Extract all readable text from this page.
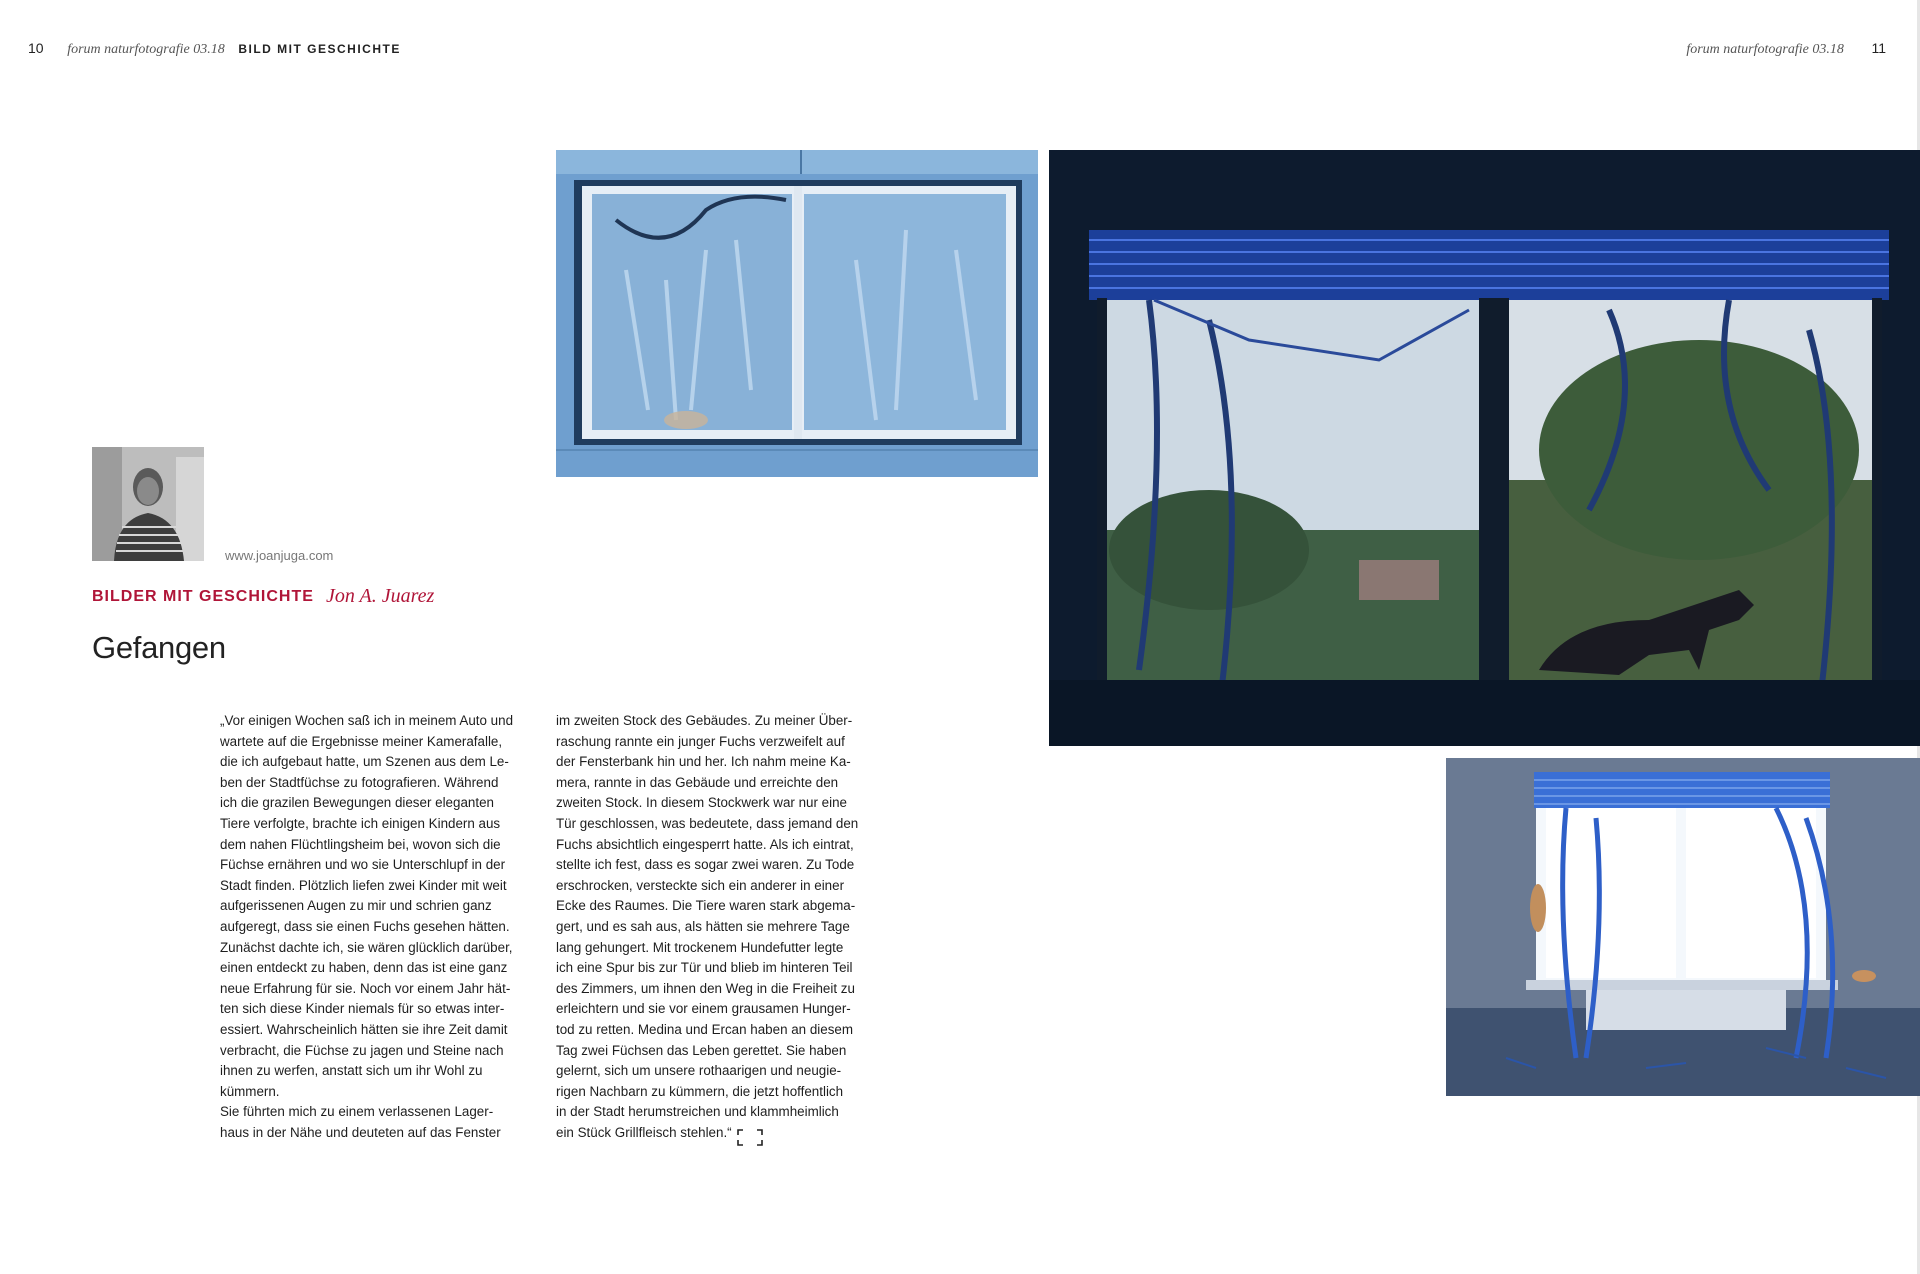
10 forum naturfotografie 03.18 BILD MIT GESCHICHTE	forum naturfotografie 03.18 11
www.joanjuga.com
BILDER MIT GESCHICHTE Jon A. Juarez
Gefangen
„Vor einigen Wochen saß ich in meinem Auto und
wartete auf die Ergebnisse meiner Kamerafalle,
die ich aufgebaut hatte, um Szenen aus dem Le-
ben der Stadtfüchse zu fotografieren. Während
ich die grazilen Bewegungen dieser eleganten
Tiere verfolgte, brachte ich einigen Kindern aus
dem nahen Flüchtlingsheim bei, wovon sich die
Füchse ernähren und wo sie Unterschlupf in der
Stadt finden. Plötzlich liefen zwei Kinder mit weit
aufgerissenen Augen zu mir und schrien ganz
aufgeregt, dass sie einen Fuchs gesehen hätten.
Zunächst dachte ich, sie wären glücklich darüber,
einen entdeckt zu haben, denn das ist eine ganz
neue Erfahrung für sie. Noch vor einem Jahr hät-
ten sich diese Kinder niemals für so etwas inter-
essiert. Wahrscheinlich hätten sie ihre Zeit damit
verbracht, die Füchse zu jagen und Steine nach
ihnen zu werfen, anstatt sich um ihr Wohl zu
kümmern.
Sie führten mich zu einem verlassenen Lager-
haus in der Nähe und deuteten auf das Fenster
im zweiten Stock des Gebäudes. Zu meiner Über-
raschung rannte ein junger Fuchs verzweifelt auf
der Fensterbank hin und her. Ich nahm meine Ka-
mera, rannte in das Gebäude und erreichte den
zweiten Stock. In diesem Stockwerk war nur eine
Tür geschlossen, was bedeutete, dass jemand den
Fuchs absichtlich eingesperrt hatte. Als ich eintrat,
stellte ich fest, dass es sogar zwei waren. Zu Tode
erschrocken, versteckte sich ein anderer in einer
Ecke des Raumes. Die Tiere waren stark abgema-
gert, und es sah aus, als hätten sie mehrere Tage
lang gehungert. Mit trockenem Hundefutter legte
ich eine Spur bis zur Tür und blieb im hinteren Teil
des Zimmers, um ihnen den Weg in die Freiheit zu
erleichtern und sie vor einem grausamen Hunger-
tod zu retten. Medina und Ercan haben an diesem
Tag zwei Füchsen das Leben gerettet. Sie haben
gelernt, sich um unsere rothaarigen und neugie-
rigen Nachbarn zu kümmern, die jetzt hoffentlich
in der Stadt herumstreichen und klammheimlich
ein Stück Grillfleisch stehlen.“
